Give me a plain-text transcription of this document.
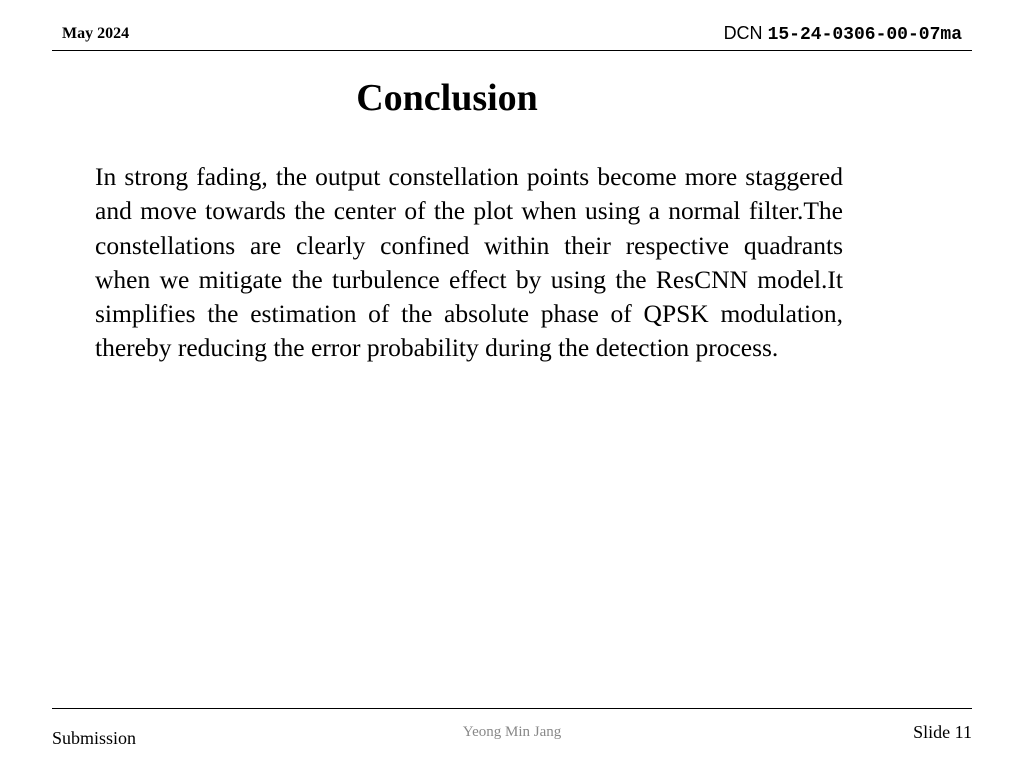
May 2024	DCN 15-24-0306-00-07ma
Conclusion

In strong fading, the output constellation points become more staggered and move towards the center of the plot when using a normal filter.The constellations are clearly confined within their respective quadrants when we mitigate the turbulence effect by using the ResCNN model.It simplifies the estimation of the absolute phase of QPSK modulation, thereby reducing the error probability during the detection process.

Submission	Yeong Min Jang	Slide 11
